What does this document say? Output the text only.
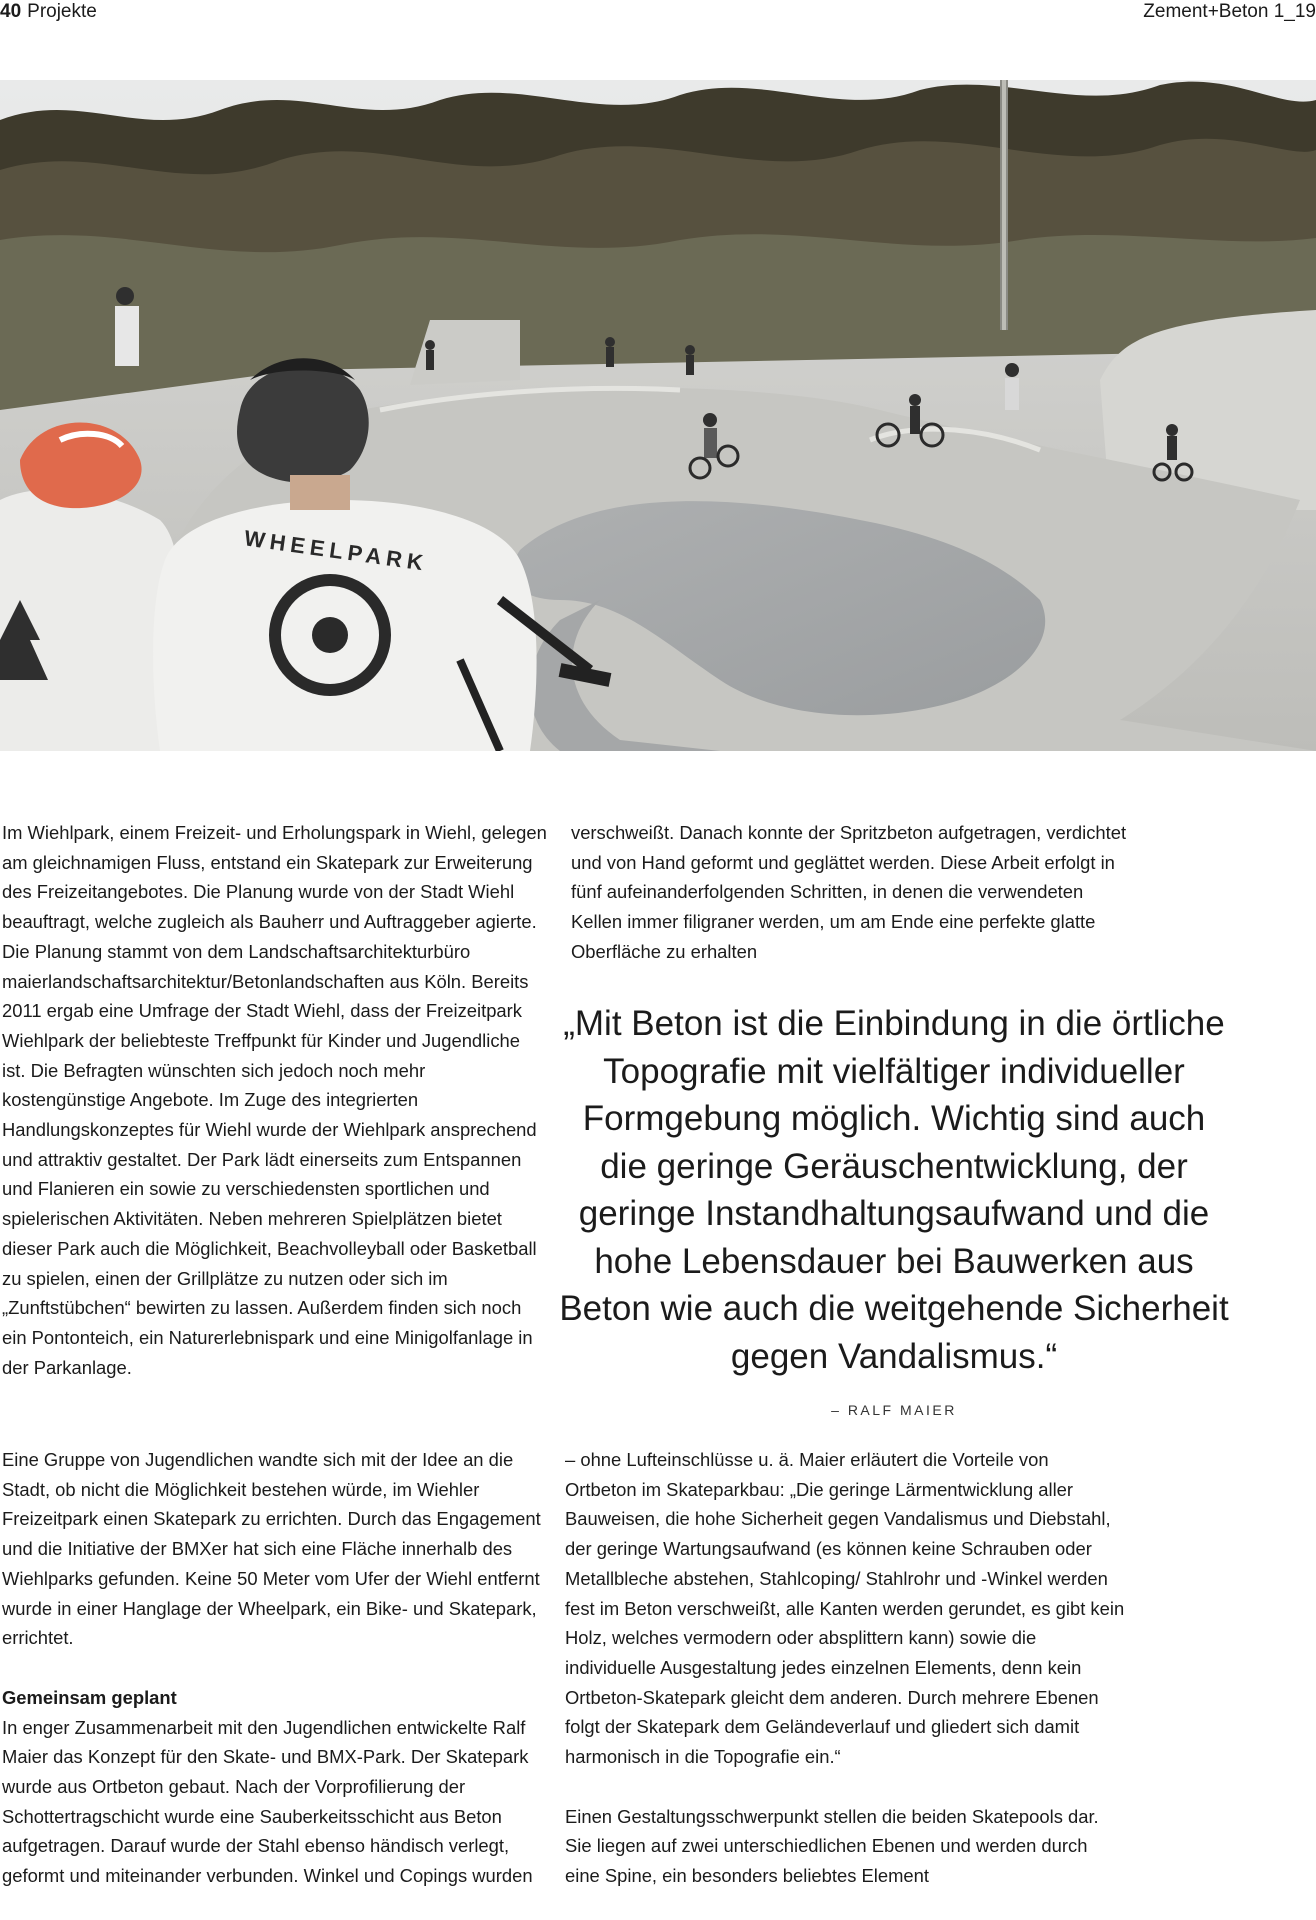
40 Projekte	Zement+Beton 1_19
WHEELPARK

Im Wiehlpark, einem Freizeit- und Erholungspark in Wiehl, gelegen am gleichnamigen Fluss, entstand ein Skatepark zur Erweiterung des Freizeitangebotes. Die Planung wurde von der Stadt Wiehl beauftragt, welche zugleich als Bauherr und Auftraggeber agierte. Die Planung stammt von dem Landschaftsarchitekturbüro maierlandschaftsarchitektur/Betonlandschaften aus Köln. Bereits 2011 ergab eine Umfrage der Stadt Wiehl, dass der Freizeitpark Wiehlpark der beliebteste Treffpunkt für Kinder und Jugendliche ist. Die Befragten wünschten sich jedoch noch mehr kostengünstige Angebote. Im Zuge des integrierten Handlungskonzeptes für Wiehl wurde der Wiehlpark ansprechend und attraktiv gestaltet. Der Park lädt einerseits zum Entspannen und Flanieren ein sowie zu verschiedensten sportlichen und spielerischen Aktivitäten. Neben mehreren Spielplätzen bietet dieser Park auch die Möglichkeit, Beachvolleyball oder Basketball zu spielen, einen der Grillplätze zu nutzen oder sich im „Zunftstübchen“ bewirten zu lassen. Außerdem finden sich noch ein Pontonteich, ein Naturerlebnispark und eine Minigolfanlage in der Parkanlage.

Eine Gruppe von Jugendlichen wandte sich mit der Idee an die Stadt, ob nicht die Möglichkeit bestehen würde, im Wiehler Freizeitpark einen Skatepark zu errichten. Durch das Engagement und die Initiative der BMXer hat sich eine Fläche innerhalb des Wiehlparks gefunden. Keine 50 Meter vom Ufer der Wiehl entfernt wurde in einer Hanglage der Wheelpark, ein Bike- und Skatepark, errichtet.

Gemeinsam geplant

In enger Zusammenarbeit mit den Jugendlichen entwickelte Ralf Maier das Konzept für den Skate- und BMX-Park. Der Skatepark wurde aus Ortbeton gebaut. Nach der Vorprofilierung der Schottertragschicht wurde eine Sauberkeitsschicht aus Beton aufgetragen. Darauf wurde der Stahl ebenso händisch verlegt, geformt und miteinander verbunden. Winkel und Copings wurden

verschweißt. Danach konnte der Spritzbeton aufgetragen, verdichtet und von Hand geformt und geglättet werden. Diese Arbeit erfolgt in fünf aufeinanderfolgenden Schritten, in denen die verwendeten Kellen immer filigraner werden, um am Ende eine perfekte glatte Oberfläche zu erhalten

„Mit Beton ist die Einbindung in die örtliche Topografie mit vielfältiger individueller Formgebung möglich. Wichtig sind auch die geringe Geräuschentwicklung, der geringe Instandhaltungsaufwand und die hohe Lebensdauer bei Bauwerken aus Beton wie auch die weitgehende Sicherheit gegen Vandalismus.“
– RALF MAIER

– ohne Lufteinschlüsse u. ä. Maier erläutert die Vorteile von Ortbeton im Skateparkbau: „Die geringe Lärmentwicklung aller Bauweisen, die hohe Sicherheit gegen Vandalismus und Diebstahl, der geringe Wartungsaufwand (es können keine Schrauben oder Metallbleche abstehen, Stahlcoping/ Stahlrohr und -Winkel werden fest im Beton verschweißt, alle Kanten werden gerundet, es gibt kein Holz, welches vermodern oder absplittern kann) sowie die individuelle Ausgestaltung jedes einzelnen Elements, denn kein Ortbeton-Skatepark gleicht dem anderen. Durch mehrere Ebenen folgt der Skatepark dem Geländeverlauf und gliedert sich damit harmonisch in die Topografie ein.“

Einen Gestaltungsschwerpunkt stellen die beiden Skatepools dar. Sie liegen auf zwei unterschiedlichen Ebenen und werden durch eine Spine, ein besonders beliebtes Element
